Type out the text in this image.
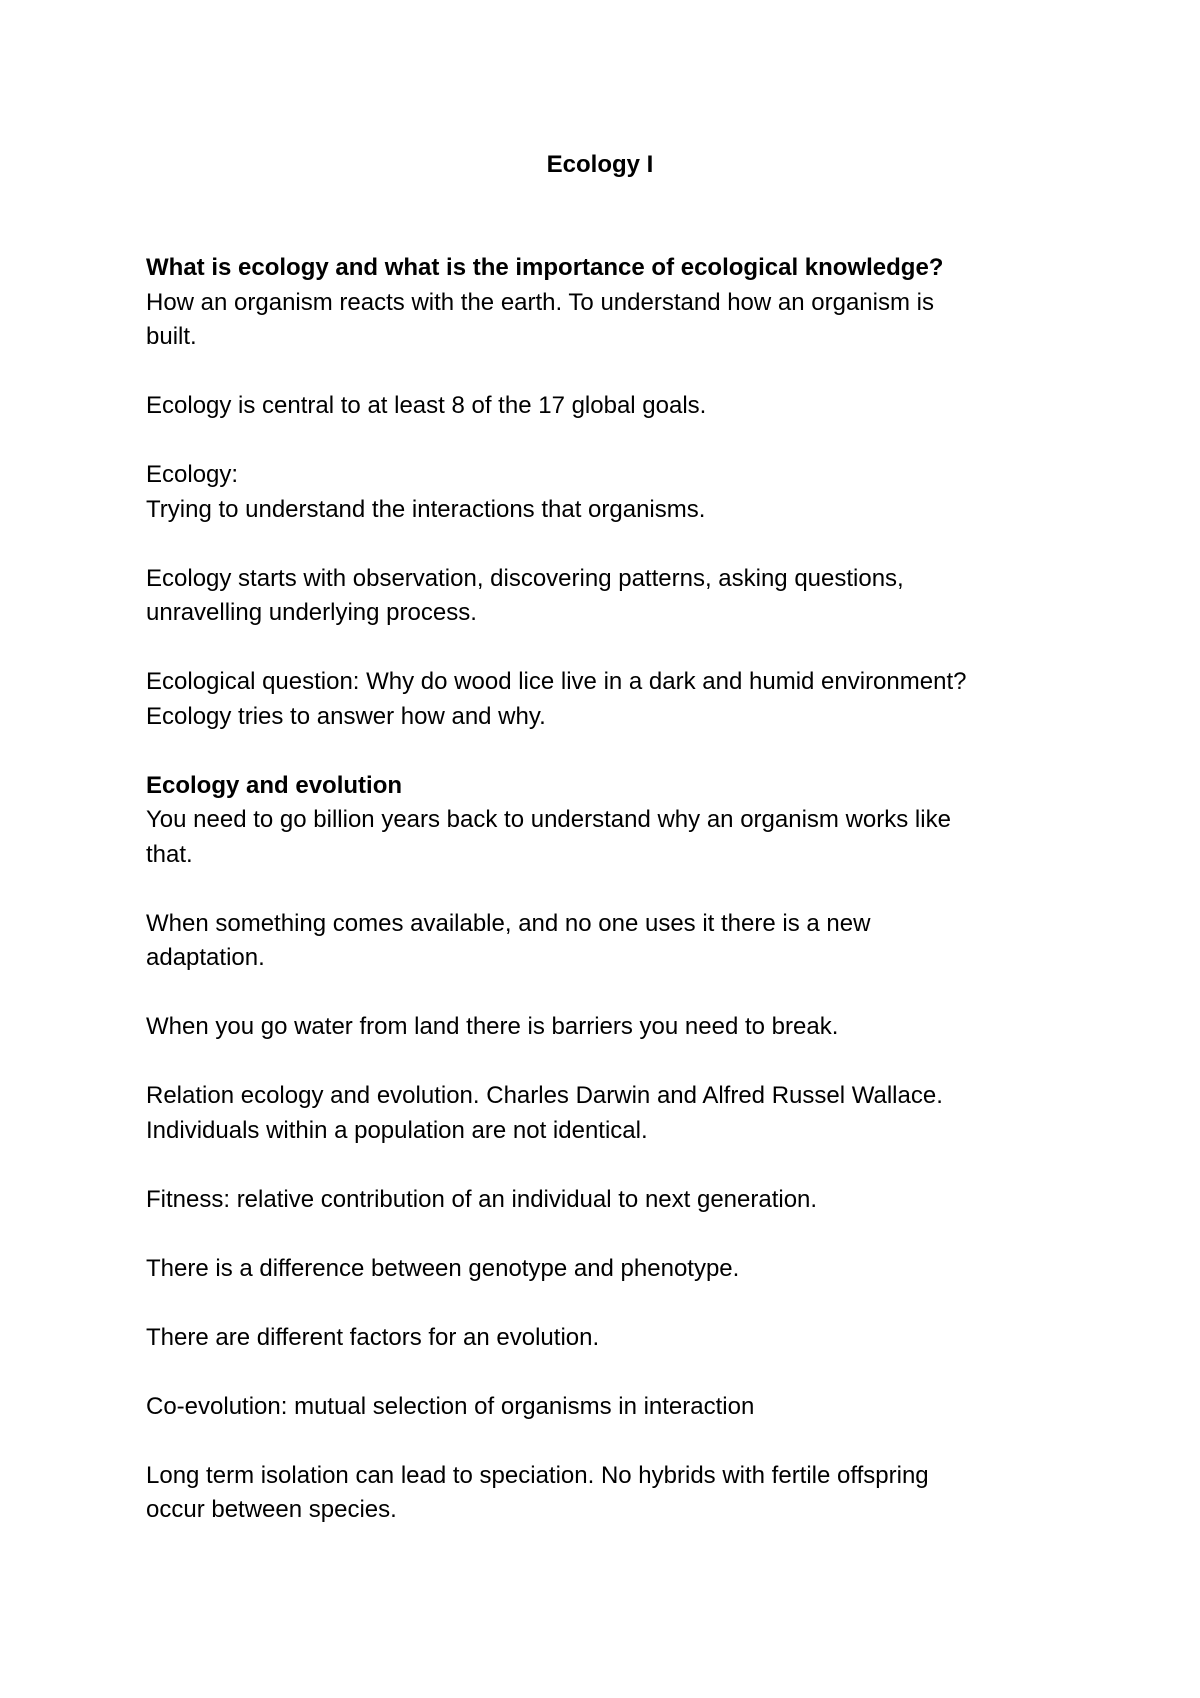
Ecology I

What is ecology and what is the importance of ecological knowledge?

How an organism reacts with the earth. To understand how an organism is

built.

Ecology is central to at least 8 of the 17 global goals.

Ecology:

Trying to understand the interactions that organisms.

Ecology starts with observation, discovering patterns, asking questions,

unravelling underlying process.

Ecological question: Why do wood lice live in a dark and humid environment?

Ecology tries to answer how and why.

Ecology and evolution

You need to go billion years back to understand why an organism works like

that.

When something comes available, and no one uses it there is a new

adaptation.

When you go water from land there is barriers you need to break.

Relation ecology and evolution. Charles Darwin and Alfred Russel Wallace.

Individuals within a population are not identical.

Fitness: relative contribution of an individual to next generation.

There is a difference between genotype and phenotype.

There are different factors for an evolution.

Co-evolution: mutual selection of organisms in interaction

Long term isolation can lead to speciation. No hybrids with fertile offspring

occur between species.
